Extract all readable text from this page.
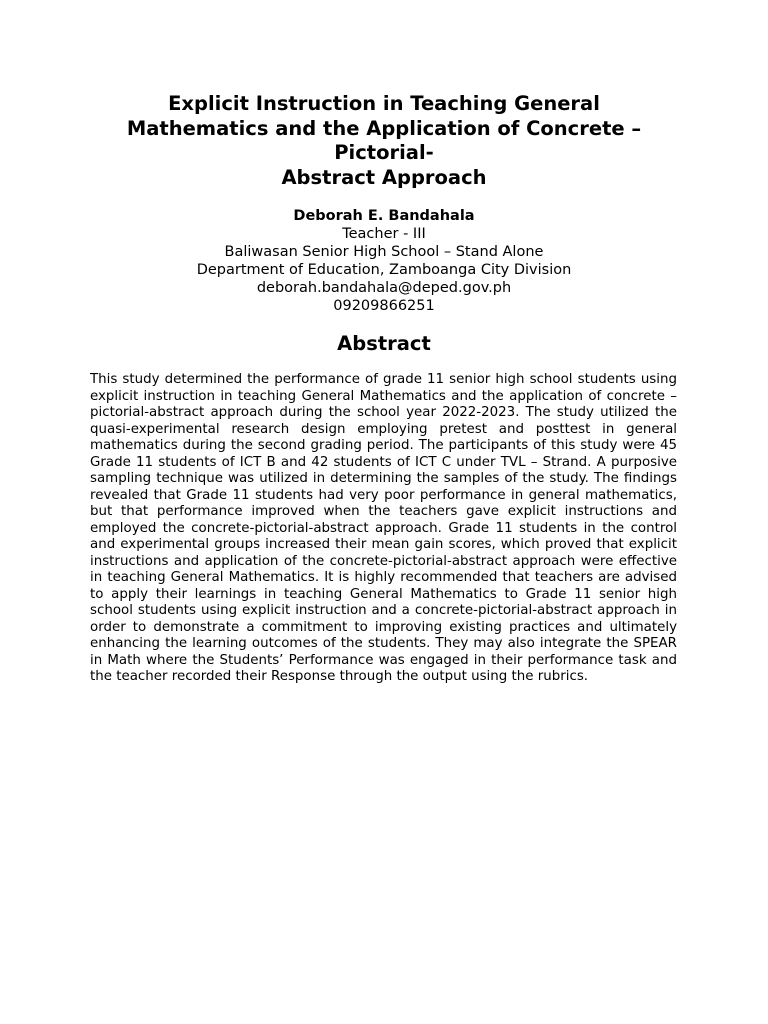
Explicit Instruction in Teaching General
Mathematics and the Application of Concrete –
Pictorial-
Abstract Approach
Deborah E. Bandahala
Teacher - III
Baliwasan Senior High School – Stand Alone
Department of Education, Zamboanga City Division
deborah.bandahala@deped.gov.ph
09209866251
Abstract

This study determined the performance of grade 11 senior high school students using explicit instruction in teaching General Mathematics and the application of concrete – pictorial-abstract approach during the school year 2022-2023. The study utilized the quasi-experimental research design employing pretest and posttest in general mathematics during the second grading period. The participants of this study were 45 Grade 11 students of ICT B and 42 students of ICT C under TVL – Strand. A purposive sampling technique was utilized in determining the samples of the study. The findings revealed that Grade 11 students had very poor performance in general mathematics, but that performance improved when the teachers gave explicit instructions and employed the concrete-pictorial-abstract approach. Grade 11 students in the control and experimental groups increased their mean gain scores, which proved that explicit instructions and application of the concrete-pictorial-abstract approach were effective in teaching General Mathematics. It is highly recommended that teachers are advised to apply their learnings in teaching General Mathematics to Grade 11 senior high school students using explicit instruction and a concrete-pictorial-abstract approach in order to demonstrate a commitment to improving existing practices and ultimately enhancing the learning outcomes of the students. They may also integrate the SPEAR in Math where the Students’ Performance was engaged in their performance task and the teacher recorded their Response through the output using the rubrics.
